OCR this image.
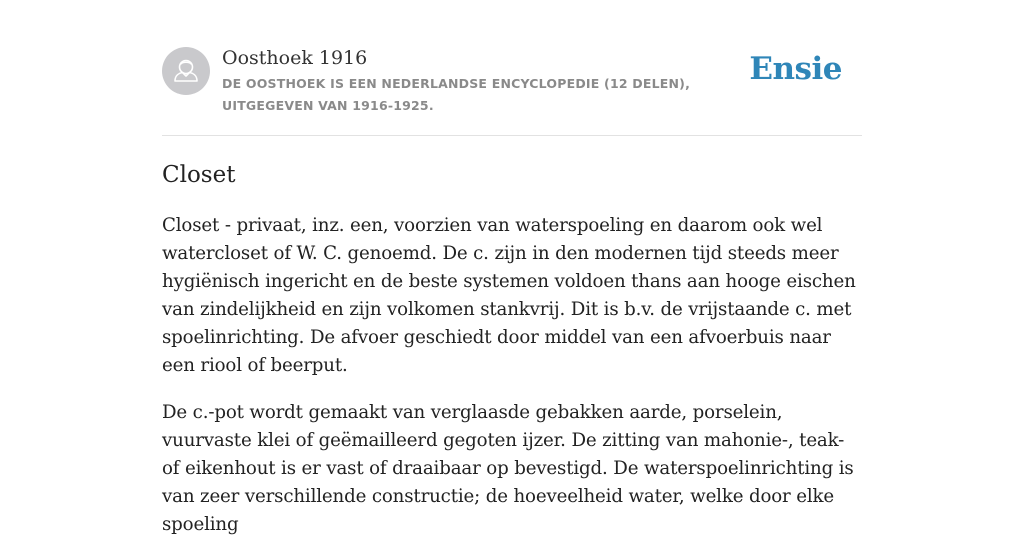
Oosthoek 1916

DE OOSTHOEK IS EEN NEDERLANDSE ENCYCLOPEDIE (12 DELEN), UITGEGEVEN VAN 1916-1925.

Ensie
Closet

Closet - privaat, inz. een, voorzien van waterspoeling en daarom ook wel watercloset of W. C. genoemd. De c. zijn in den modernen tijd steeds meer hygiënisch ingericht en de beste systemen voldoen thans aan hooge eischen van zindelijkheid en zijn volkomen stankvrij. Dit is b.v. de vrijstaande c. met spoelinrichting. De afvoer geschiedt door middel van een afvoerbuis naar een riool of beerput.

De c.-pot wordt gemaakt van verglaasde gebakken aarde, porselein, vuurvaste klei of geëmailleerd gegoten ijzer. De zitting van mahonie-, teak- of eikenhout is er vast of draaibaar op bevestigd. De waterspoelinrichting is van zeer verschillende constructie; de hoeveelheid water, welke door elke spoeling
